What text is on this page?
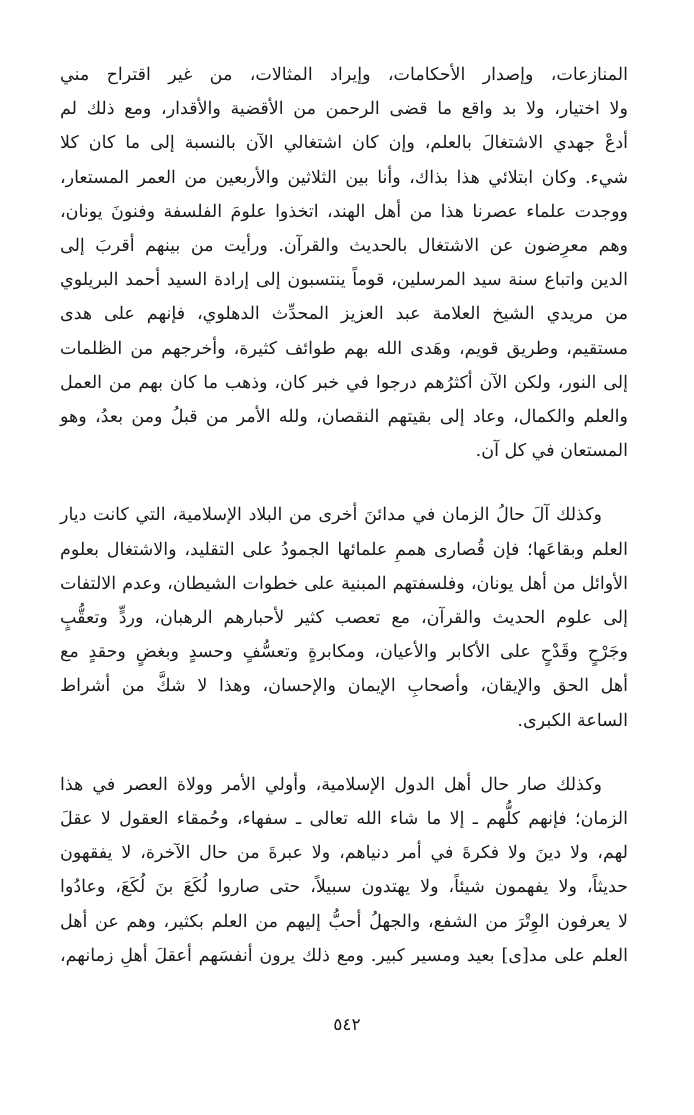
المنازعات، وإصدار الأحكامات، وإيراد المثالات، من غير اقتراح مني
ولا اختيار، ولا بد واقع ما قضى الرحمن من الأقضية والأقدار، ومع ذلك لم
أدعْ جهدي الاشتغالَ بالعلم، وإن كان اشتغالي الآن بالنسبة إلى ما كان كلا
شيء. وكان ابتلائي هذا بذاك، وأنا بين الثلاثين والأربعين من العمر المستعار،
ووجدت علماء عصرنا هذا من أهل الهند، اتخذوا علومَ الفلسفة وفنونَ يونان،
وهم معرِضون عن الاشتغال بالحديث والقرآن. ورأيت من بينهم أقربَ إلى
الدين واتباع سنة سيد المرسلين، قوماً ينتسبون إلى إرادة السيد أحمد البريلوي
من مريدي الشيخ العلامة عبد العزيز المحدِّث الدهلوي، فإنهم على هدى
مستقيم، وطريق قويم، وهَدى الله بهم طوائف كثيرة، وأخرجهم من الظلمات
إلى النور، ولكن الآن أكثرُهم درجوا في خبر كان، وذهب ما كان بهم من العمل
والعلم والكمال، وعاد إلى بقيتهم النقصان، ولله الأمر من قبلُ ومن بعدُ، وهو
المستعان في كل آن.

وكذلك آلَ حالُ الزمان في مدائنَ أخرى من البلاد الإسلامية، التي كانت ديار
العلم وبقاعَها؛ فإن قُصارى هممِ علمائها الجمودُ على التقليد، والاشتغال بعلوم
الأوائل من أهل يونان، وفلسفتهم المبنية على خطوات الشيطان، وعدم الالتفات
إلى علوم الحديث والقرآن، مع تعصب كثير لأحبارهم الرهبان، وردٍّ وتعقُّبٍ
وجَرْحٍ وقَدْحٍ على الأكابر والأعيان، ومكابرةٍ وتعسُّفٍ وحسدٍ وبغضٍ وحقدٍ مع
أهل الحق والإيقان، وأصحابِ الإيمان والإحسان، وهذا لا شكَّ من أشراط
الساعة الكبرى.

وكذلك صار حال أهل الدول الإسلامية، وأولي الأمر وولاة العصر في هذا
الزمان؛ فإنهم كلُّهم ـ إلا ما شاء الله تعالى ـ سفهاء، وحُمقاء العقول لا عقلَ
لهم، ولا دينَ ولا فكرةَ في أمر دنياهم، ولا عبرةَ من حال الآخرة، لا يفقهون
حديثاً، ولا يفهمون شيئاً، ولا يهتدون سبيلاً، حتى صاروا لُكَعَ بنَ لُكَعَ، وعادُوا
لا يعرفون الوِتْرَ من الشفع، والجهلُ أحبُّ إليهم من العلم بكثير، وهم عن أهل
العلم على مد[ى] بعيد ومسير كبير. ومع ذلك يرون أنفسَهم أعقلَ أهلِ زمانهم،

٥٤٢
